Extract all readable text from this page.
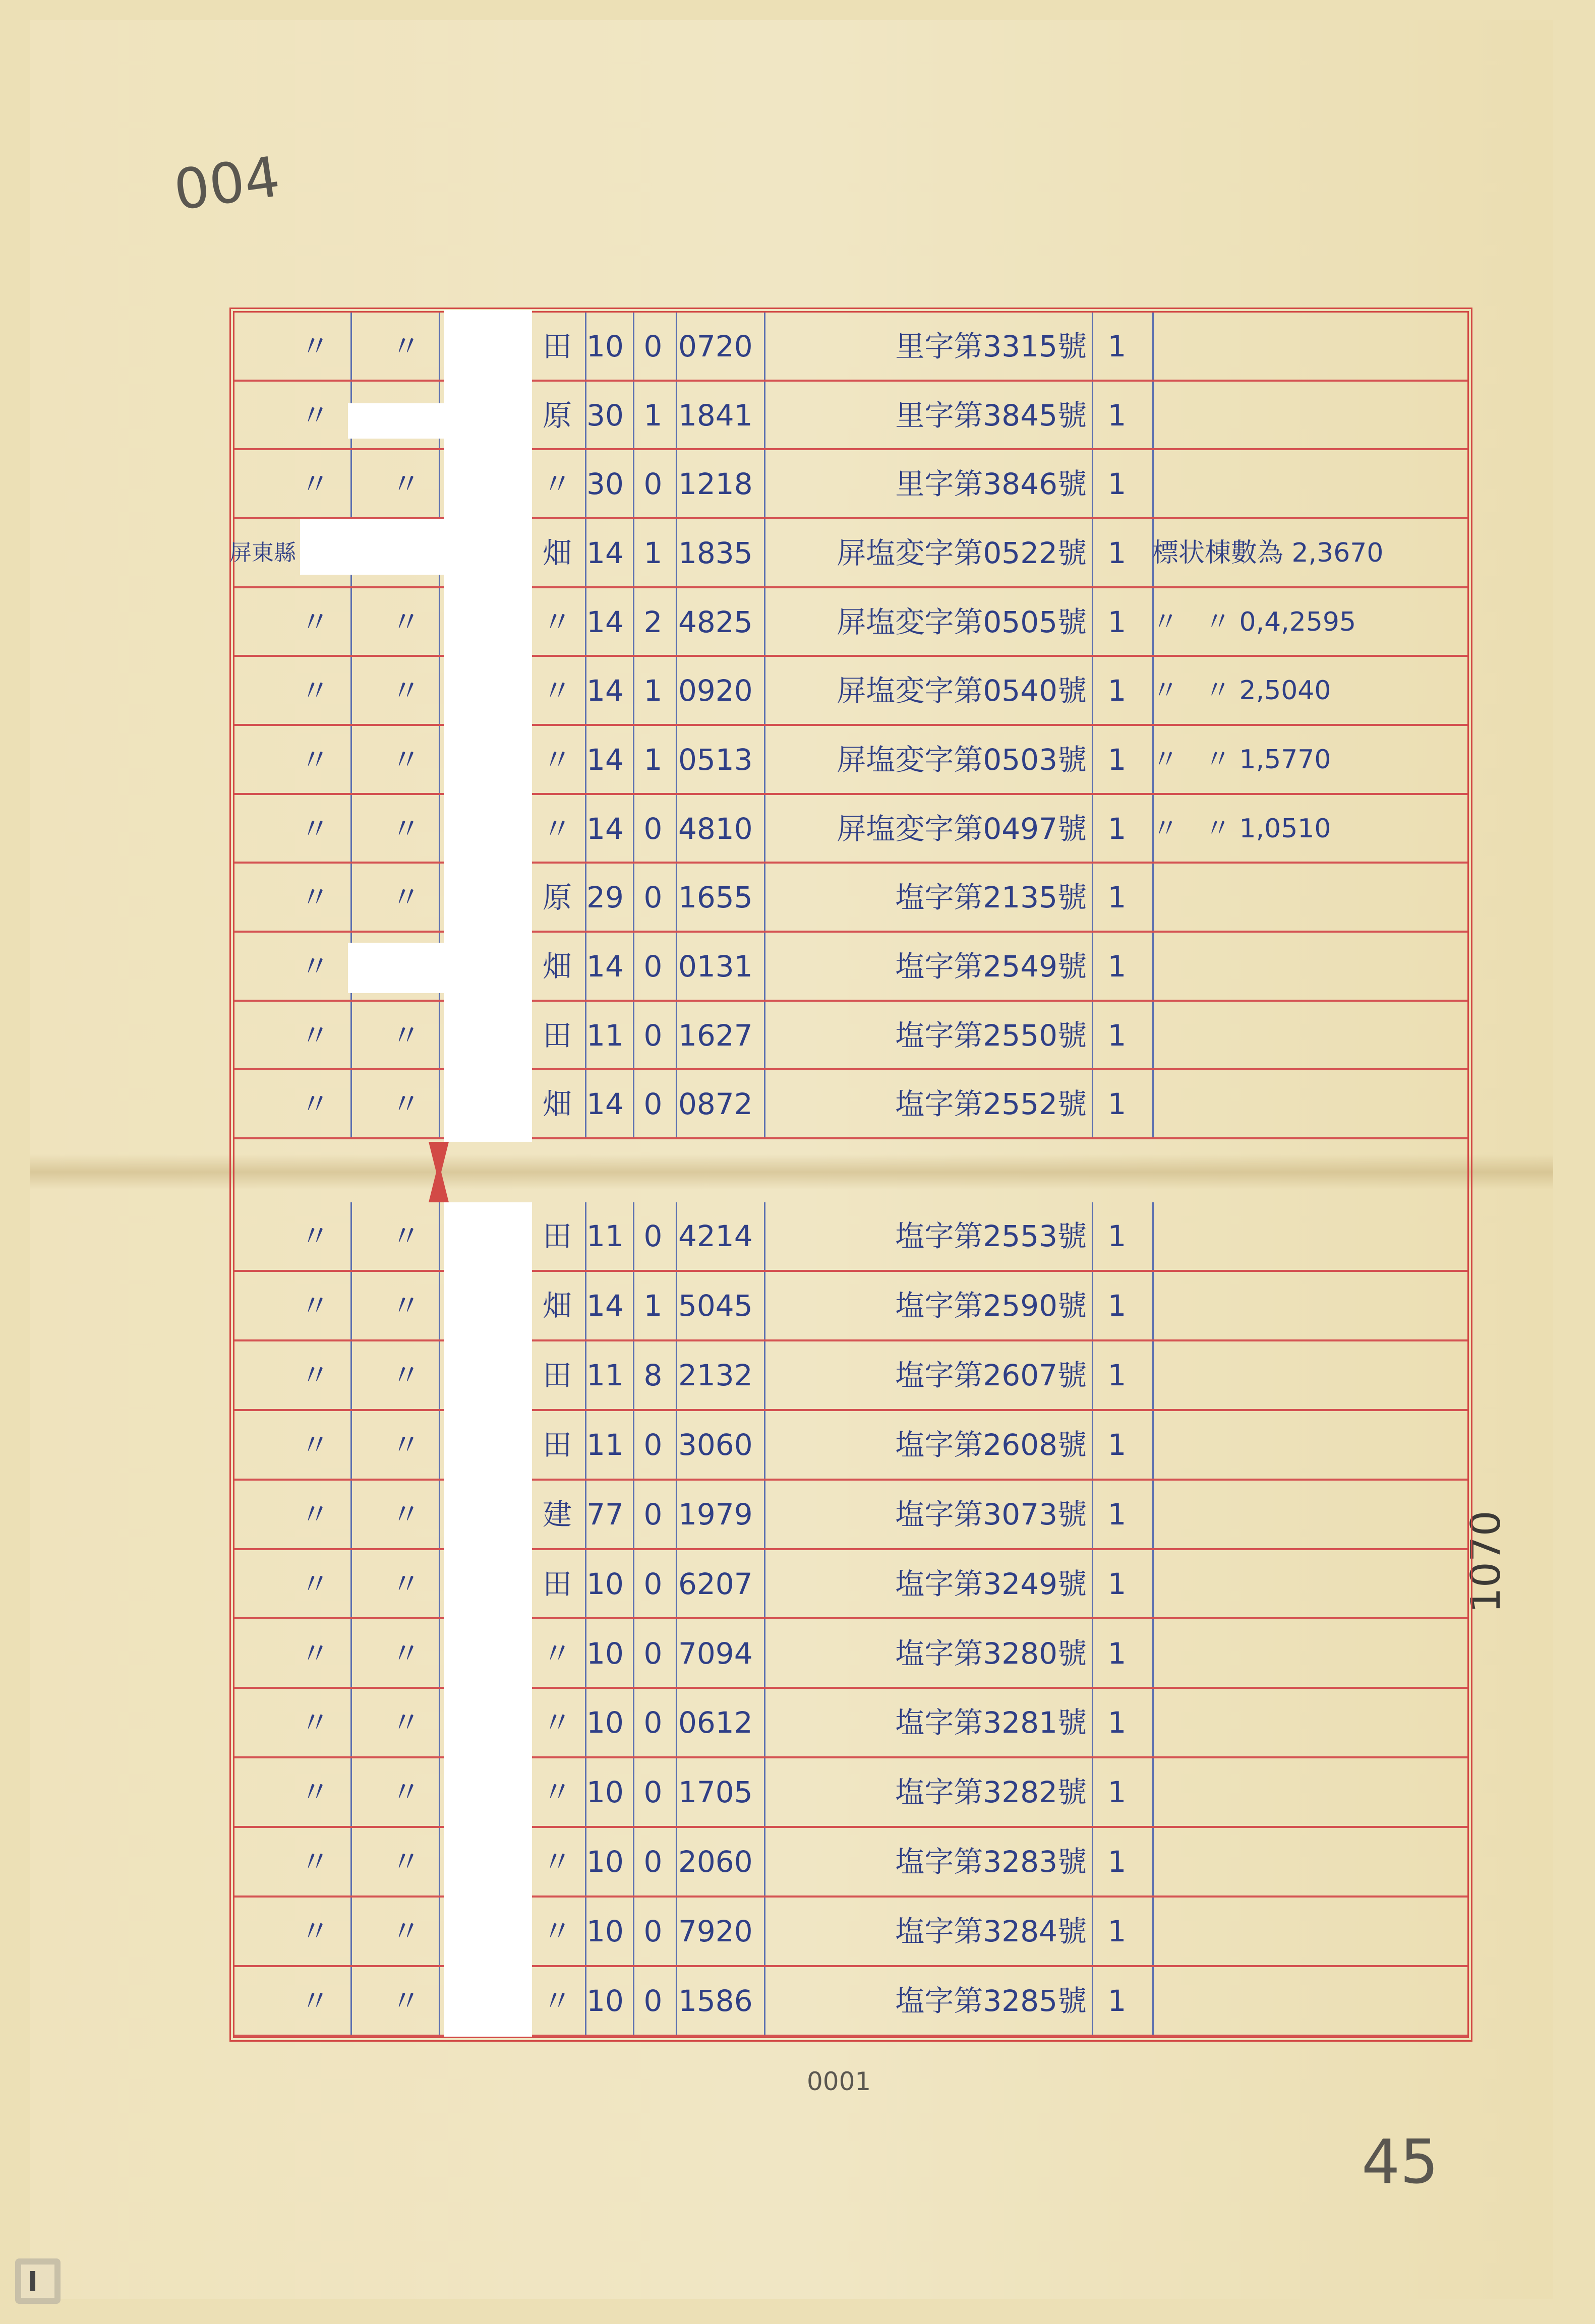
004
1070
0001
45
〃 〃	田 10 0 0720	里字第3315號 1
〃	原 30 1 1841	里字第3845號 1
〃 〃	〃 30 0 1218	里字第3846號 1
屏東縣	畑 14 1 1835	屏塩変字第0522號 1 標状棟數為 2,3670
〃 〃	〃 14 2 4825	屏塩変字第0505號 1 〃　〃 0,4,2595
〃 〃	〃 14 1 0920	屏塩変字第0540號 1 〃　〃 2,5040
〃 〃	〃 14 1 0513	屏塩変字第0503號 1 〃　〃 1,5770
〃 〃	〃 14 0 4810	屏塩変字第0497號 1 〃　〃 1,0510
〃 〃	原 29 0 1655	塩字第2135號 1
〃	畑 14 0 0131	塩字第2549號 1
〃 〃	田 11 0 1627	塩字第2550號 1
〃 〃	畑 14 0 0872	塩字第2552號 1
〃 〃	田 11 0 4214	塩字第2553號 1
〃 〃	畑 14 1 5045	塩字第2590號 1
〃 〃	田 11 8 2132	塩字第2607號 1
〃 〃	田 11 0 3060	塩字第2608號 1
〃 〃	建 77 0 1979	塩字第3073號 1
〃 〃	田 10 0 6207	塩字第3249號 1
〃 〃	〃 10 0 7094	塩字第3280號 1
〃 〃	〃 10 0 0612	塩字第3281號 1
〃 〃	〃 10 0 1705	塩字第3282號 1
〃 〃	〃 10 0 2060	塩字第3283號 1
〃 〃	〃 10 0 7920	塩字第3284號 1
〃 〃	〃 10 0 1586	塩字第3285號 1
